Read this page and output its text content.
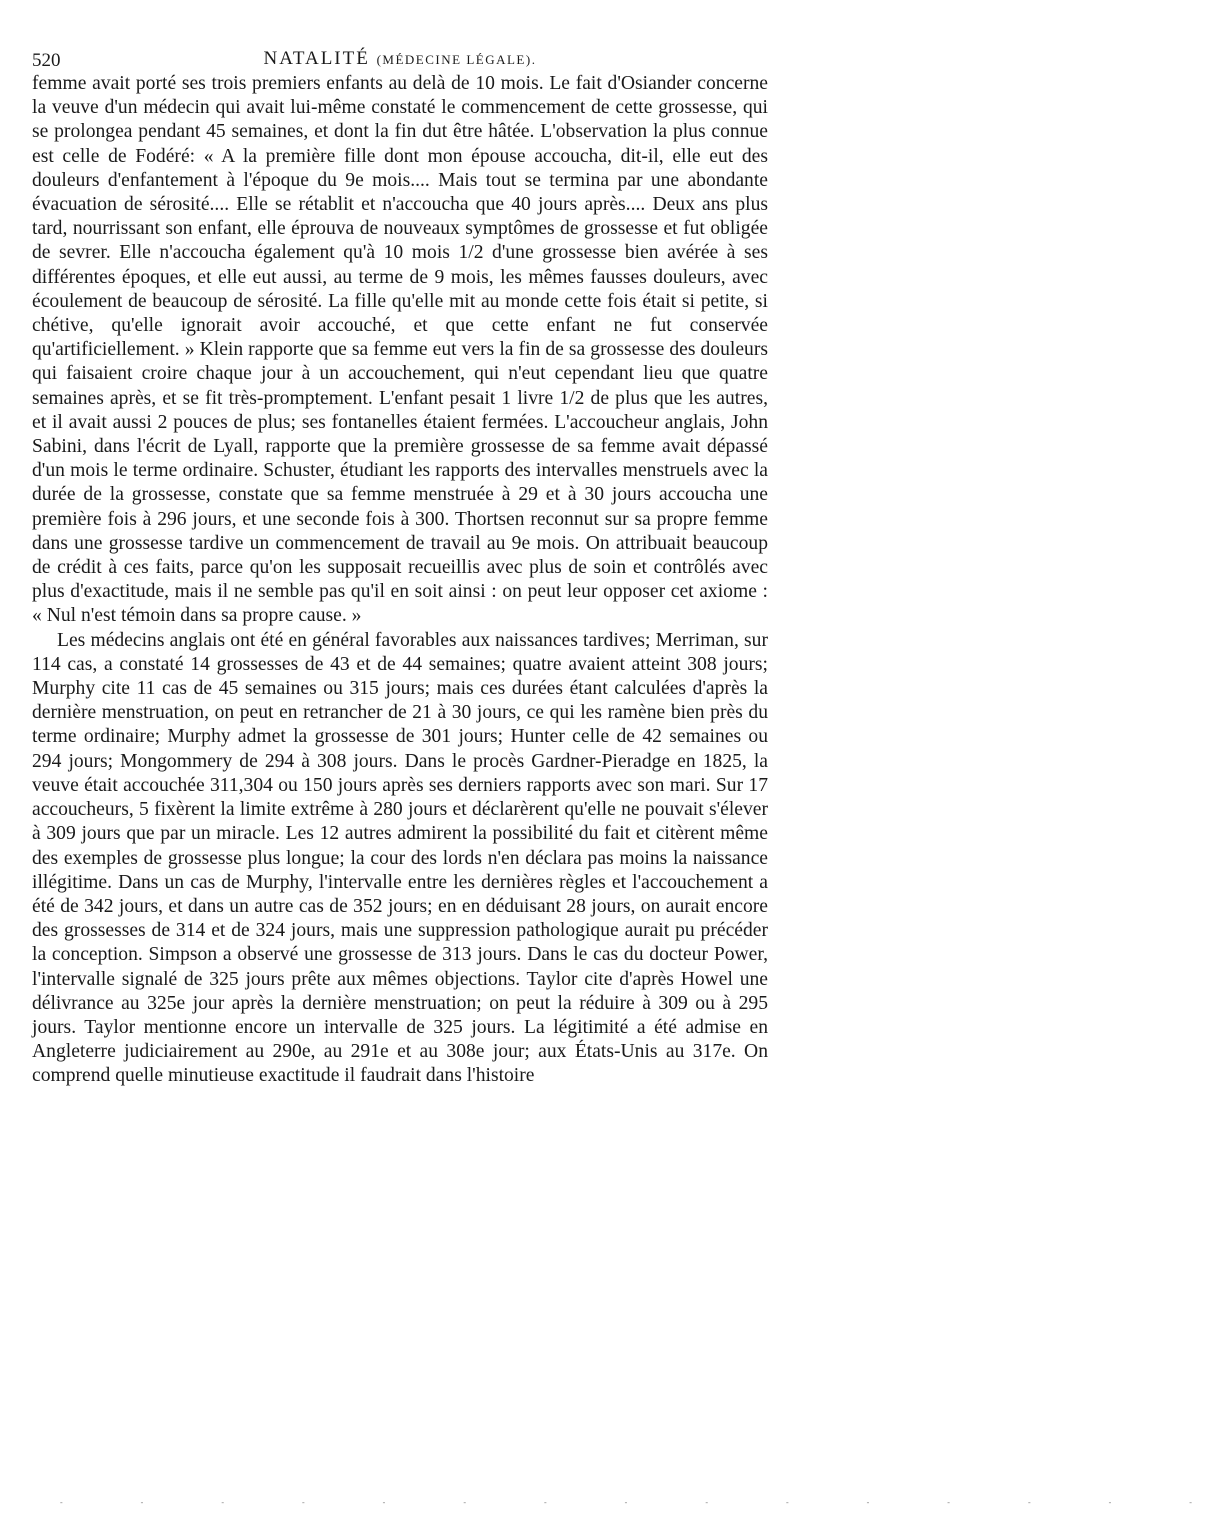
520	NATALITÉ (MÉDECINE LÉGALE).

femme avait porté ses trois premiers enfants au delà de 10 mois. Le fait d'Osiander concerne la veuve d'un médecin qui avait lui-même constaté le commencement de cette grossesse, qui se prolongea pendant 45 semaines, et dont la fin dut être hâtée. L'observation la plus connue est celle de Fodéré: « A la première fille dont mon épouse accoucha, dit-il, elle eut des douleurs d'enfantement à l'époque du 9e mois.... Mais tout se termina par une abondante évacuation de sérosité.... Elle se rétablit et n'accoucha que 40 jours après.... Deux ans plus tard, nourrissant son enfant, elle éprouva de nouveaux symptômes de grossesse et fut obligée de sevrer. Elle n'accoucha également qu'à 10 mois 1/2 d'une grossesse bien avérée à ses différentes époques, et elle eut aussi, au terme de 9 mois, les mêmes fausses douleurs, avec écoulement de beaucoup de sérosité. La fille qu'elle mit au monde cette fois était si petite, si chétive, qu'elle ignorait avoir accouché, et que cette enfant ne fut conservée qu'artificiellement. » Klein rapporte que sa femme eut vers la fin de sa grossesse des douleurs qui faisaient croire chaque jour à un accouchement, qui n'eut cependant lieu que quatre semaines après, et se fit très-promptement. L'enfant pesait 1 livre 1/2 de plus que les autres, et il avait aussi 2 pouces de plus; ses fontanelles étaient fermées. L'accoucheur anglais, John Sabini, dans l'écrit de Lyall, rapporte que la première grossesse de sa femme avait dépassé d'un mois le terme ordinaire. Schuster, étudiant les rapports des intervalles menstruels avec la durée de la grossesse, constate que sa femme menstruée à 29 et à 30 jours accoucha une première fois à 296 jours, et une seconde fois à 300. Thortsen reconnut sur sa propre femme dans une grossesse tardive un commencement de travail au 9e mois. On attribuait beaucoup de crédit à ces faits, parce qu'on les supposait recueillis avec plus de soin et contrôlés avec plus d'exactitude, mais il ne semble pas qu'il en soit ainsi : on peut leur opposer cet axiome : « Nul n'est témoin dans sa propre cause. »

Les médecins anglais ont été en général favorables aux naissances tardives; Merriman, sur 114 cas, a constaté 14 grossesses de 43 et de 44 semaines; quatre avaient atteint 308 jours; Murphy cite 11 cas de 45 semaines ou 315 jours; mais ces durées étant calculées d'après la dernière menstruation, on peut en retrancher de 21 à 30 jours, ce qui les ramène bien près du terme ordinaire; Murphy admet la grossesse de 301 jours; Hunter celle de 42 semaines ou 294 jours; Mongommery de 294 à 308 jours. Dans le procès Gardner-Pieradge en 1825, la veuve était accouchée 311,304 ou 150 jours après ses derniers rapports avec son mari. Sur 17 accoucheurs, 5 fixèrent la limite extrême à 280 jours et déclarèrent qu'elle ne pouvait s'élever à 309 jours que par un miracle. Les 12 autres admirent la possibilité du fait et citèrent même des exemples de grossesse plus longue; la cour des lords n'en déclara pas moins la naissance illégitime. Dans un cas de Murphy, l'intervalle entre les dernières règles et l'accouchement a été de 342 jours, et dans un autre cas de 352 jours; en en déduisant 28 jours, on aurait encore des grossesses de 314 et de 324 jours, mais une suppression pathologique aurait pu précéder la conception. Simpson a observé une grossesse de 313 jours. Dans le cas du docteur Power, l'intervalle signalé de 325 jours prête aux mêmes objections. Taylor cite d'après Howel une délivrance au 325e jour après la dernière menstruation; on peut la réduire à 309 ou à 295 jours. Taylor mentionne encore un intervalle de 325 jours. La légitimité a été admise en Angleterre judiciairement au 290e, au 291e et au 308e jour; aux États-Unis au 317e. On comprend quelle minutieuse exactitude il faudrait dans l'histoire

- - - - - - - - - - - - - - -
